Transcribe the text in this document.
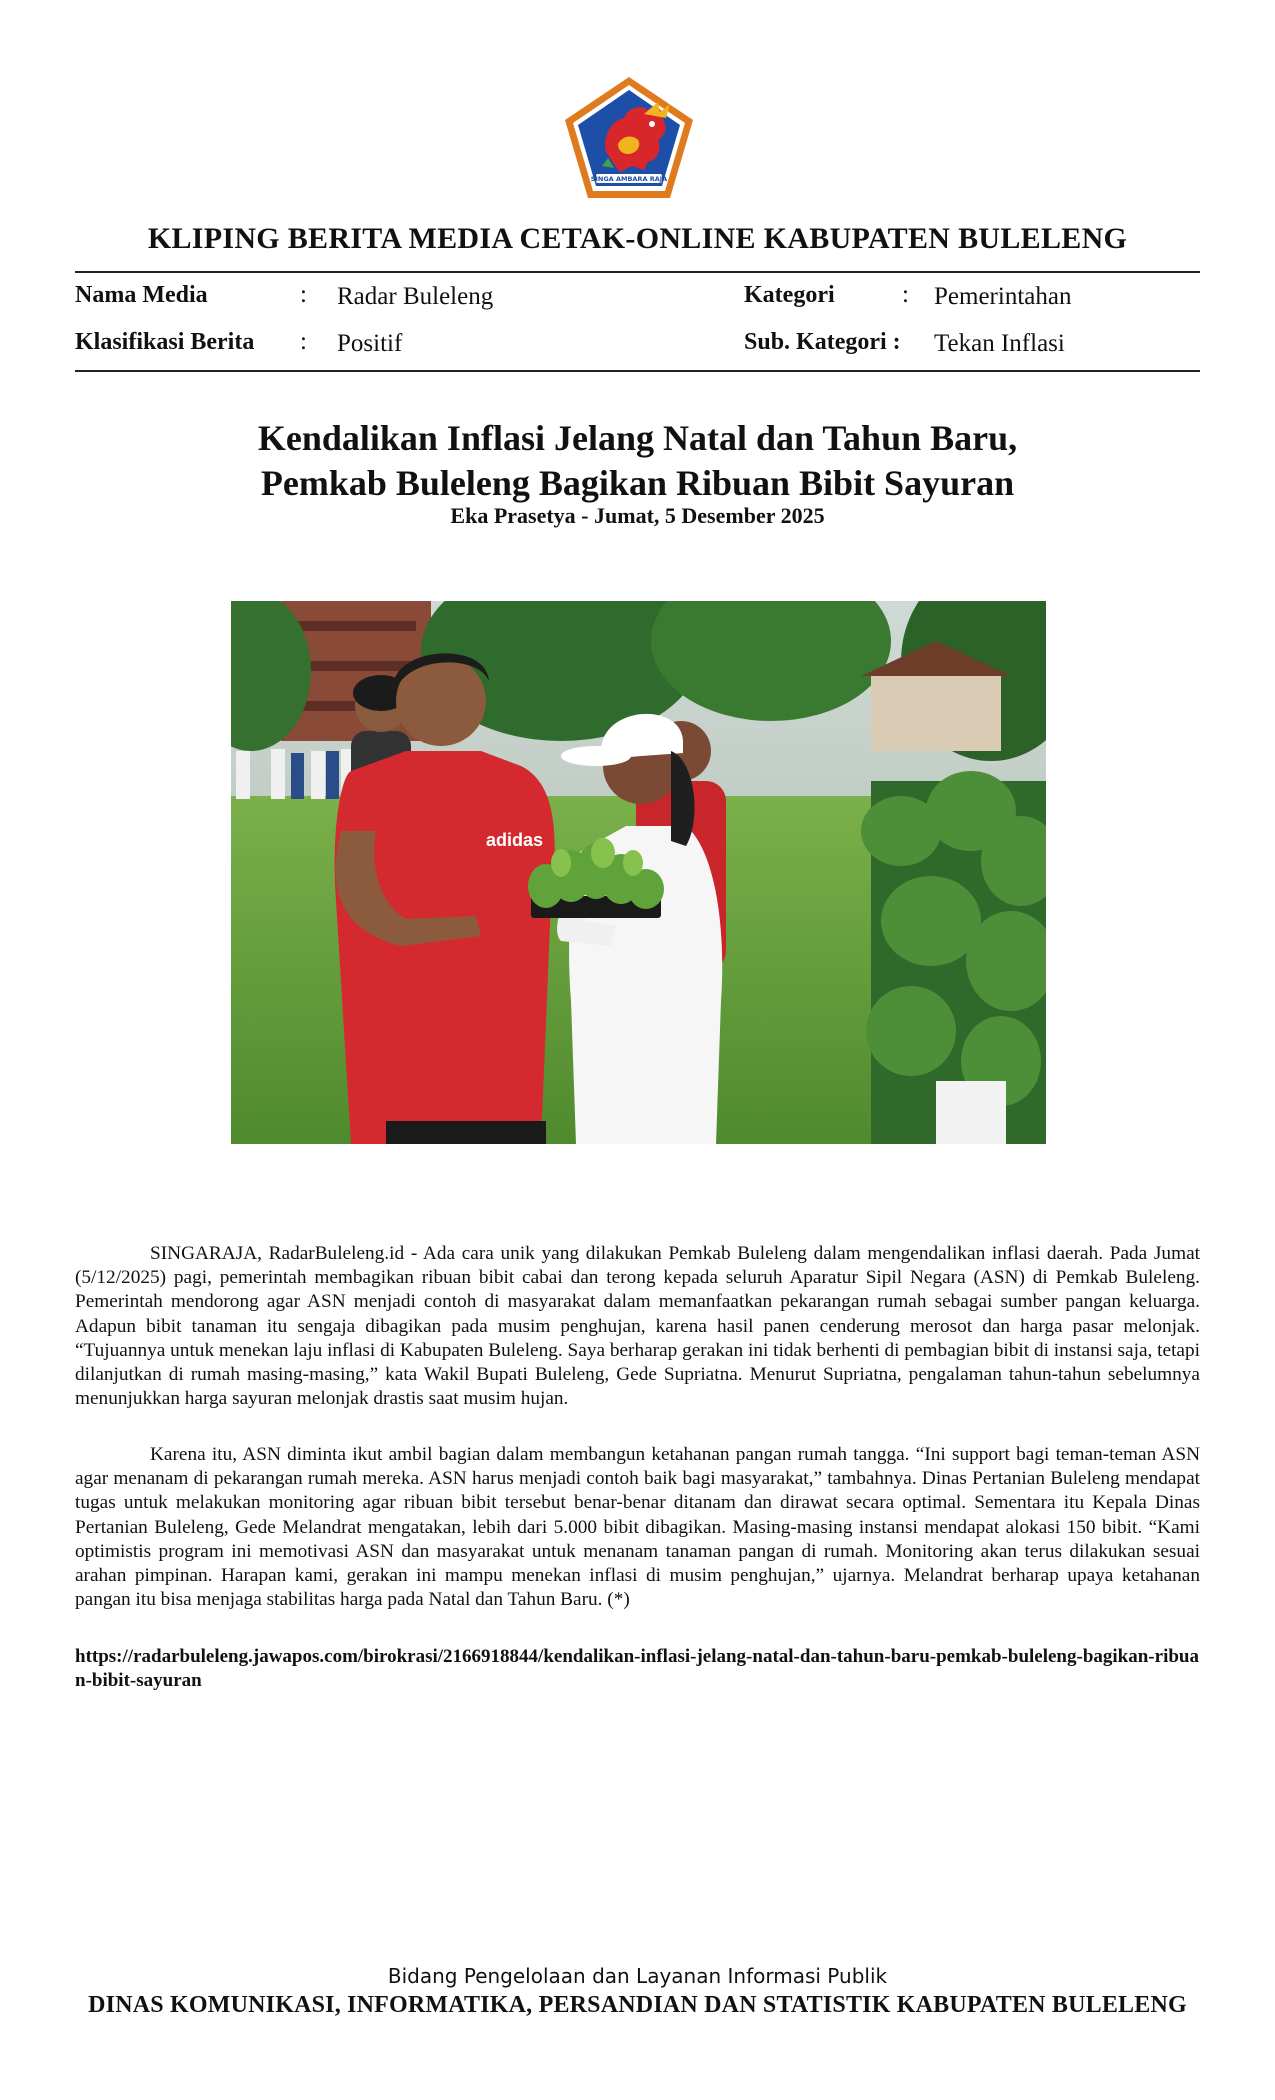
SINGA AMBARA RAJA
KLIPING BERITA MEDIA CETAK-ONLINE KABUPATEN BULELENG
Nama Media	: Radar Buleleng	Kategori	: Pemerintahan
Klasifikasi Berita : Positif	Sub. Kategori : Tekan Inflasi
Kendalikan Inflasi Jelang Natal dan Tahun Baru,
Pemkab Buleleng Bagikan Ribuan Bibit Sayuran
Eka Prasetya - Jumat, 5 Desember 2025
adidas

SINGARAJA, RadarBuleleng.id - Ada cara unik yang dilakukan Pemkab Buleleng dalam mengendalikan inflasi daerah. Pada Jumat (5/12/2025) pagi, pemerintah membagikan ribuan bibit cabai dan terong kepada seluruh Aparatur Sipil Negara (ASN) di Pemkab Buleleng. Pemerintah mendorong agar ASN menjadi contoh di masyarakat dalam memanfaatkan pekarangan rumah sebagai sumber pangan keluarga. Adapun bibit tanaman itu sengaja dibagikan pada musim penghujan, karena hasil panen cenderung merosot dan harga pasar melonjak. “Tujuannya untuk menekan laju inflasi di Kabupaten Buleleng. Saya berharap gerakan ini tidak berhenti di pembagian bibit di instansi saja, tetapi dilanjutkan di rumah masing-masing,” kata Wakil Bupati Buleleng, Gede Supriatna. Menurut Supriatna, pengalaman tahun-tahun sebelumnya menunjukkan harga sayuran melonjak drastis saat musim hujan.

Karena itu, ASN diminta ikut ambil bagian dalam membangun ketahanan pangan rumah tangga. “Ini support bagi teman-teman ASN agar menanam di pekarangan rumah mereka. ASN harus menjadi contoh baik bagi masyarakat,” tambahnya. Dinas Pertanian Buleleng mendapat tugas untuk melakukan monitoring agar ribuan bibit tersebut benar-benar ditanam dan dirawat secara optimal. Sementara itu Kepala Dinas Pertanian Buleleng, Gede Melandrat mengatakan, lebih dari 5.000 bibit dibagikan. Masing-masing instansi mendapat alokasi 150 bibit. “Kami optimistis program ini memotivasi ASN dan masyarakat untuk menanam tanaman pangan di rumah. Monitoring akan terus dilakukan sesuai arahan pimpinan. Harapan kami, gerakan ini mampu menekan inflasi di musim penghujan,” ujarnya. Melandrat berharap upaya ketahanan pangan itu bisa menjaga stabilitas harga pada Natal dan Tahun Baru. (*)

https://radarbuleleng.jawapos.com/birokrasi/2166918844/kendalikan-inflasi-jelang-natal-dan-tahun-baru-pemkab-buleleng-bagikan-ribuan-bibit-sayuran

Bidang Pengelolaan dan Layanan Informasi Publik
DINAS KOMUNIKASI, INFORMATIKA, PERSANDIAN DAN STATISTIK KABUPATEN BULELENG
